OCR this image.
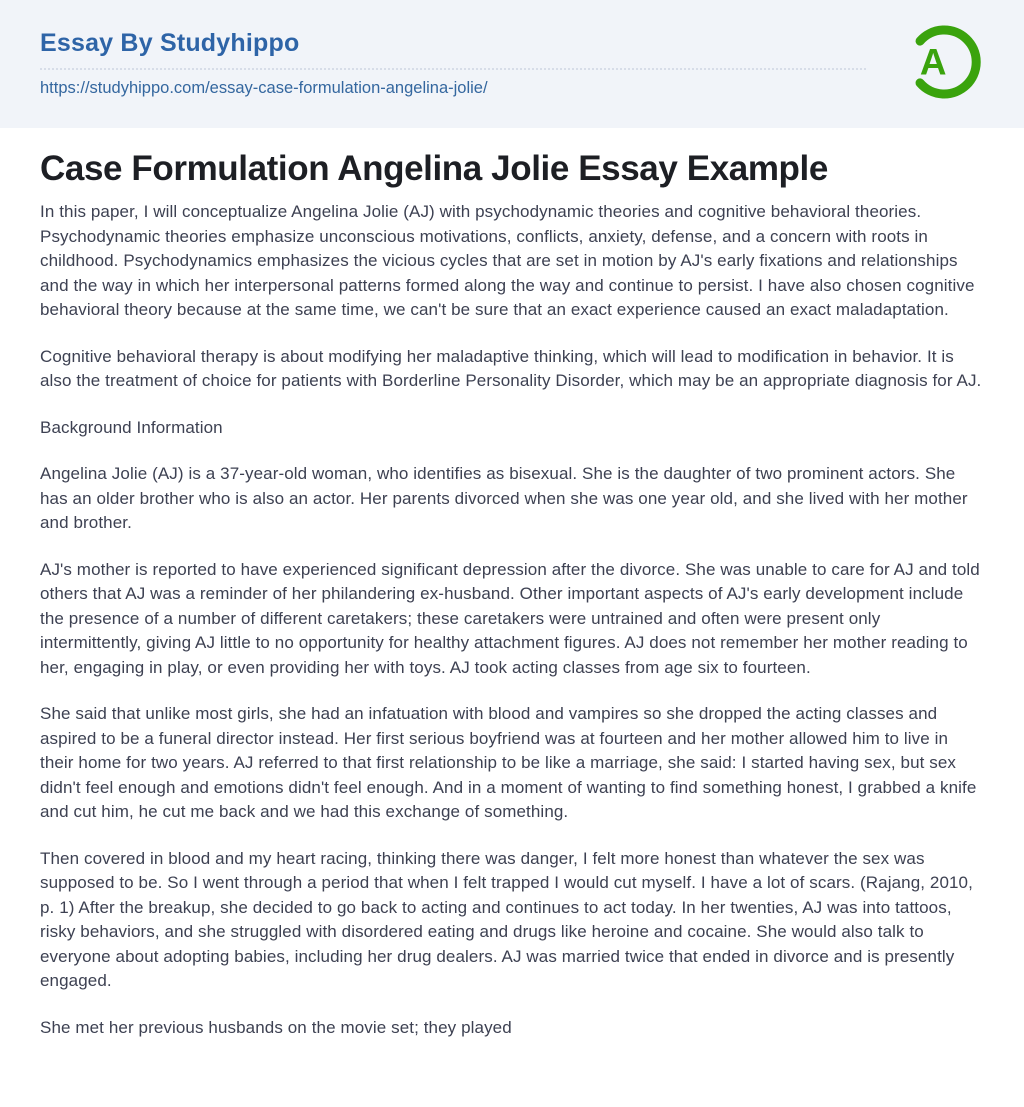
Essay By Studyhippo
https://studyhippo.com/essay-case-formulation-angelina-jolie/
A
Case Formulation Angelina Jolie Essay Example

In this paper, I will conceptualize Angelina Jolie (AJ) with psychodynamic theories and cognitive behavioral theories. Psychodynamic theories emphasize unconscious motivations, conflicts, anxiety, defense, and a concern with roots in childhood. Psychodynamics emphasizes the vicious cycles that are set in motion by AJ's early fixations and relationships and the way in which her interpersonal patterns formed along the way and continue to persist. I have also chosen cognitive behavioral theory because at the same time, we can't be sure that an exact experience caused an exact maladaptation.

Cognitive behavioral therapy is about modifying her maladaptive thinking, which will lead to modification in behavior. It is also the treatment of choice for patients with Borderline Personality Disorder, which may be an appropriate diagnosis for AJ.

Background Information

Angelina Jolie (AJ) is a 37-year-old woman, who identifies as bisexual. She is the daughter of two prominent actors. She has an older brother who is also an actor. Her parents divorced when she was one year old, and she lived with her mother and brother.

AJ's mother is reported to have experienced significant depression after the divorce. She was unable to care for AJ and told others that AJ was a reminder of her philandering ex-husband. Other important aspects of AJ's early development include the presence of a number of different caretakers; these caretakers were untrained and often were present only intermittently, giving AJ little to no opportunity for healthy attachment figures. AJ does not remember her mother reading to her, engaging in play, or even providing her with toys. AJ took acting classes from age six to fourteen.

She said that unlike most girls, she had an infatuation with blood and vampires so she dropped the acting classes and aspired to be a funeral director instead. Her first serious boyfriend was at fourteen and her mother allowed him to live in their home for two years. AJ referred to that first relationship to be like a marriage, she said: I started having sex, but sex didn't feel enough and emotions didn't feel enough. And in a moment of wanting to find something honest, I grabbed a knife and cut him, he cut me back and we had this exchange of something.

Then covered in blood and my heart racing, thinking there was danger, I felt more honest than whatever the sex was supposed to be. So I went through a period that when I felt trapped I would cut myself. I have a lot of scars. (Rajang, 2010, p. 1) After the breakup, she decided to go back to acting and continues to act today. In her twenties, AJ was into tattoos, risky behaviors, and she struggled with disordered eating and drugs like heroine and cocaine. She would also talk to everyone about adopting babies, including her drug dealers. AJ was married twice that ended in divorce and is presently engaged.

She met her previous husbands on the movie set; they played
